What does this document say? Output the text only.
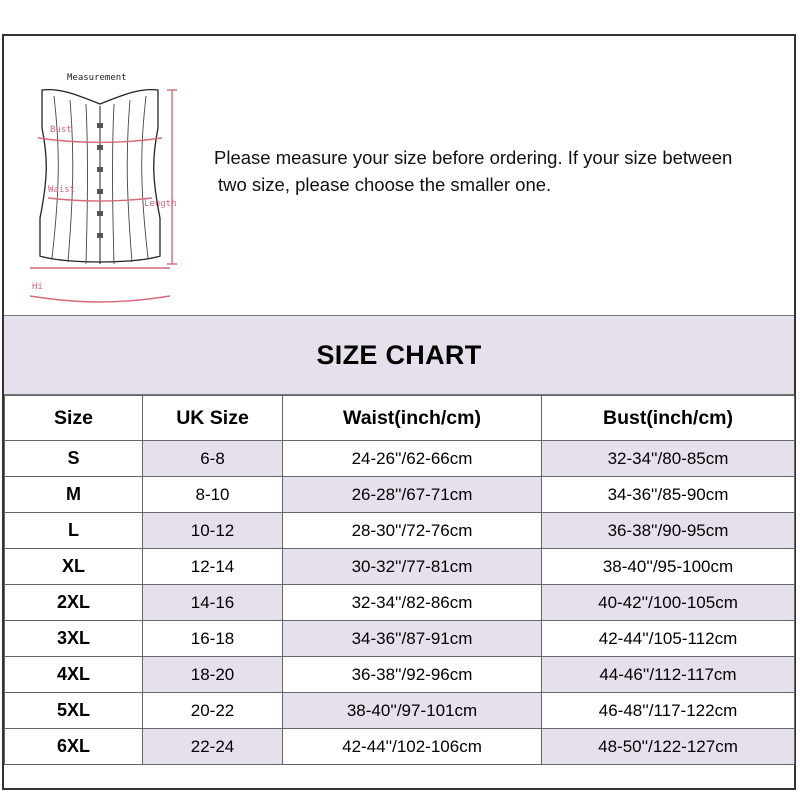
Measurement
Bust
Waist
Length
Hi
Please measure your size before ordering. If your size between
two size, please choose the smaller one.
SIZE CHART
Size	UK Size	Waist(inch/cm)	Bust(inch/cm)
S	6-8	24-26''/62-66cm	32-34''/80-85cm
M	8-10	26-28''/67-71cm	34-36''/85-90cm
L	10-12	28-30''/72-76cm	36-38''/90-95cm
XL	12-14	30-32''/77-81cm	38-40''/95-100cm
2XL	14-16	32-34''/82-86cm	40-42''/100-105cm
3XL	16-18	34-36''/87-91cm	42-44''/105-112cm
4XL	18-20	36-38''/92-96cm	44-46''/112-117cm
5XL	20-22	38-40''/97-101cm	46-48''/117-122cm
6XL	22-24	42-44''/102-106cm	48-50''/122-127cm
